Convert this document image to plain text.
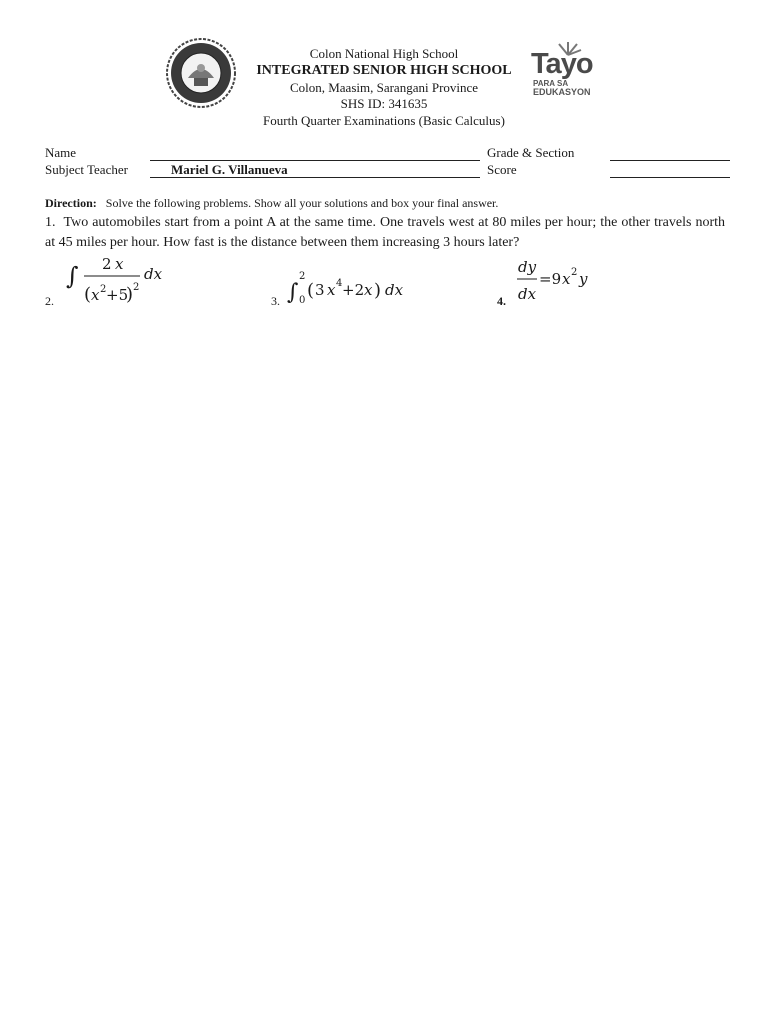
Colon National High School
INTEGRATED SENIOR HIGH SCHOOL
Colon, Maasim, Sarangani Province
SHS ID: 341635
Fourth Quarter Examinations (Basic Calculus)
Tayo
PARA SA
EDUKASYON
Name
Subject Teacher	Mariel G. Villanueva
Grade & Section
Score
Direction: Solve the following problems. Show all your solutions and box your final answer.
1. Two automobiles start from a point A at the same time. One travels west at 80 miles per hour; the other travels north at 45 miles per hour. How fast is the distance between them increasing 3 hours later?
2.
∫ 2 x
( x 2 +5
) 2
dx
3. ∫
2
0 ( 3 x 4 +2 x ) dx
4.
dy
dx
=9 x 2 y
